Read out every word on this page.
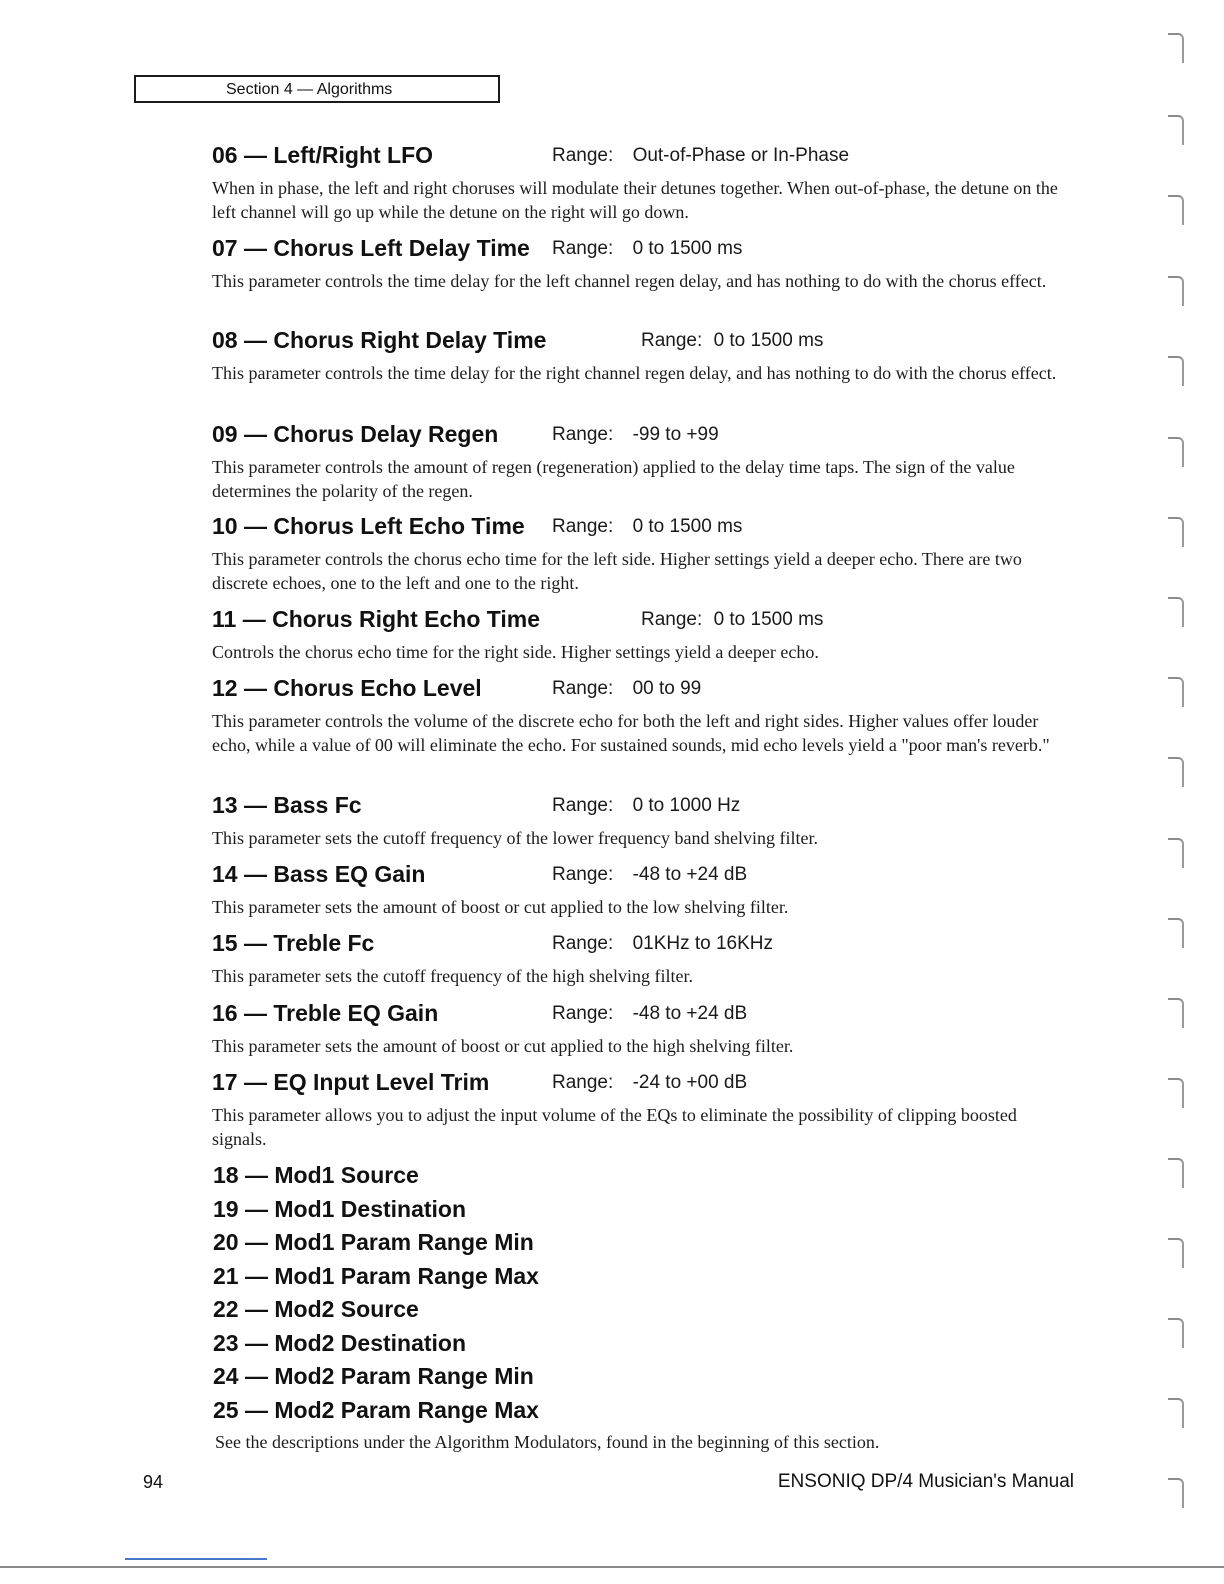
Section 4 — Algorithms
06 — Left/Right LFO	Range: Out-of-Phase or In-Phase

When in phase, the left and right choruses will modulate their detunes together. When out-of-phase, the detune on the left channel will go up while the detune on the right will go down.

07 — Chorus Left Delay Time Range: 0 to 1500 ms

This parameter controls the time delay for the left channel regen delay, and has nothing to do with the chorus effect.

08 — Chorus Right Delay Time	Range: 0 to 1500 ms

This parameter controls the time delay for the right channel regen delay, and has nothing to do with the chorus effect.

09 — Chorus Delay Regen	Range: -99 to +99

This parameter controls the amount of regen (regeneration) applied to the delay time taps. The sign of the value determines the polarity of the regen.

10 — Chorus Left Echo Time Range: 0 to 1500 ms

This parameter controls the chorus echo time for the left side. Higher settings yield a deeper echo. There are two discrete echoes, one to the left and one to the right.

11 — Chorus Right Echo Time	Range: 0 to 1500 ms

Controls the chorus echo time for the right side. Higher settings yield a deeper echo.

12 — Chorus Echo Level	Range: 00 to 99

This parameter controls the volume of the discrete echo for both the left and right sides. Higher values offer louder echo, while a value of 00 will eliminate the echo. For sustained sounds, mid echo levels yield a "poor man's reverb."

13 — Bass Fc	Range: 0 to 1000 Hz

This parameter sets the cutoff frequency of the lower frequency band shelving filter.

14 — Bass EQ Gain	Range: -48 to +24 dB

This parameter sets the amount of boost or cut applied to the low shelving filter.

15 — Treble Fc	Range: 01KHz to 16KHz

This parameter sets the cutoff frequency of the high shelving filter.

16 — Treble EQ Gain	Range: -48 to +24 dB

This parameter sets the amount of boost or cut applied to the high shelving filter.

17 — EQ Input Level Trim	Range: -24 to +00 dB

This parameter allows you to adjust the input volume of the EQs to eliminate the possibility of clipping boosted signals.

18 — Mod1 Source
19 — Mod1 Destination
20 — Mod1 Param Range Min
21 — Mod1 Param Range Max
22 — Mod2 Source
23 — Mod2 Destination
24 — Mod2 Param Range Min
25 — Mod2 Param Range Max

See the descriptions under the Algorithm Modulators, found in the beginning of this section.

94	ENSONIQ DP/4 Musician's Manual
